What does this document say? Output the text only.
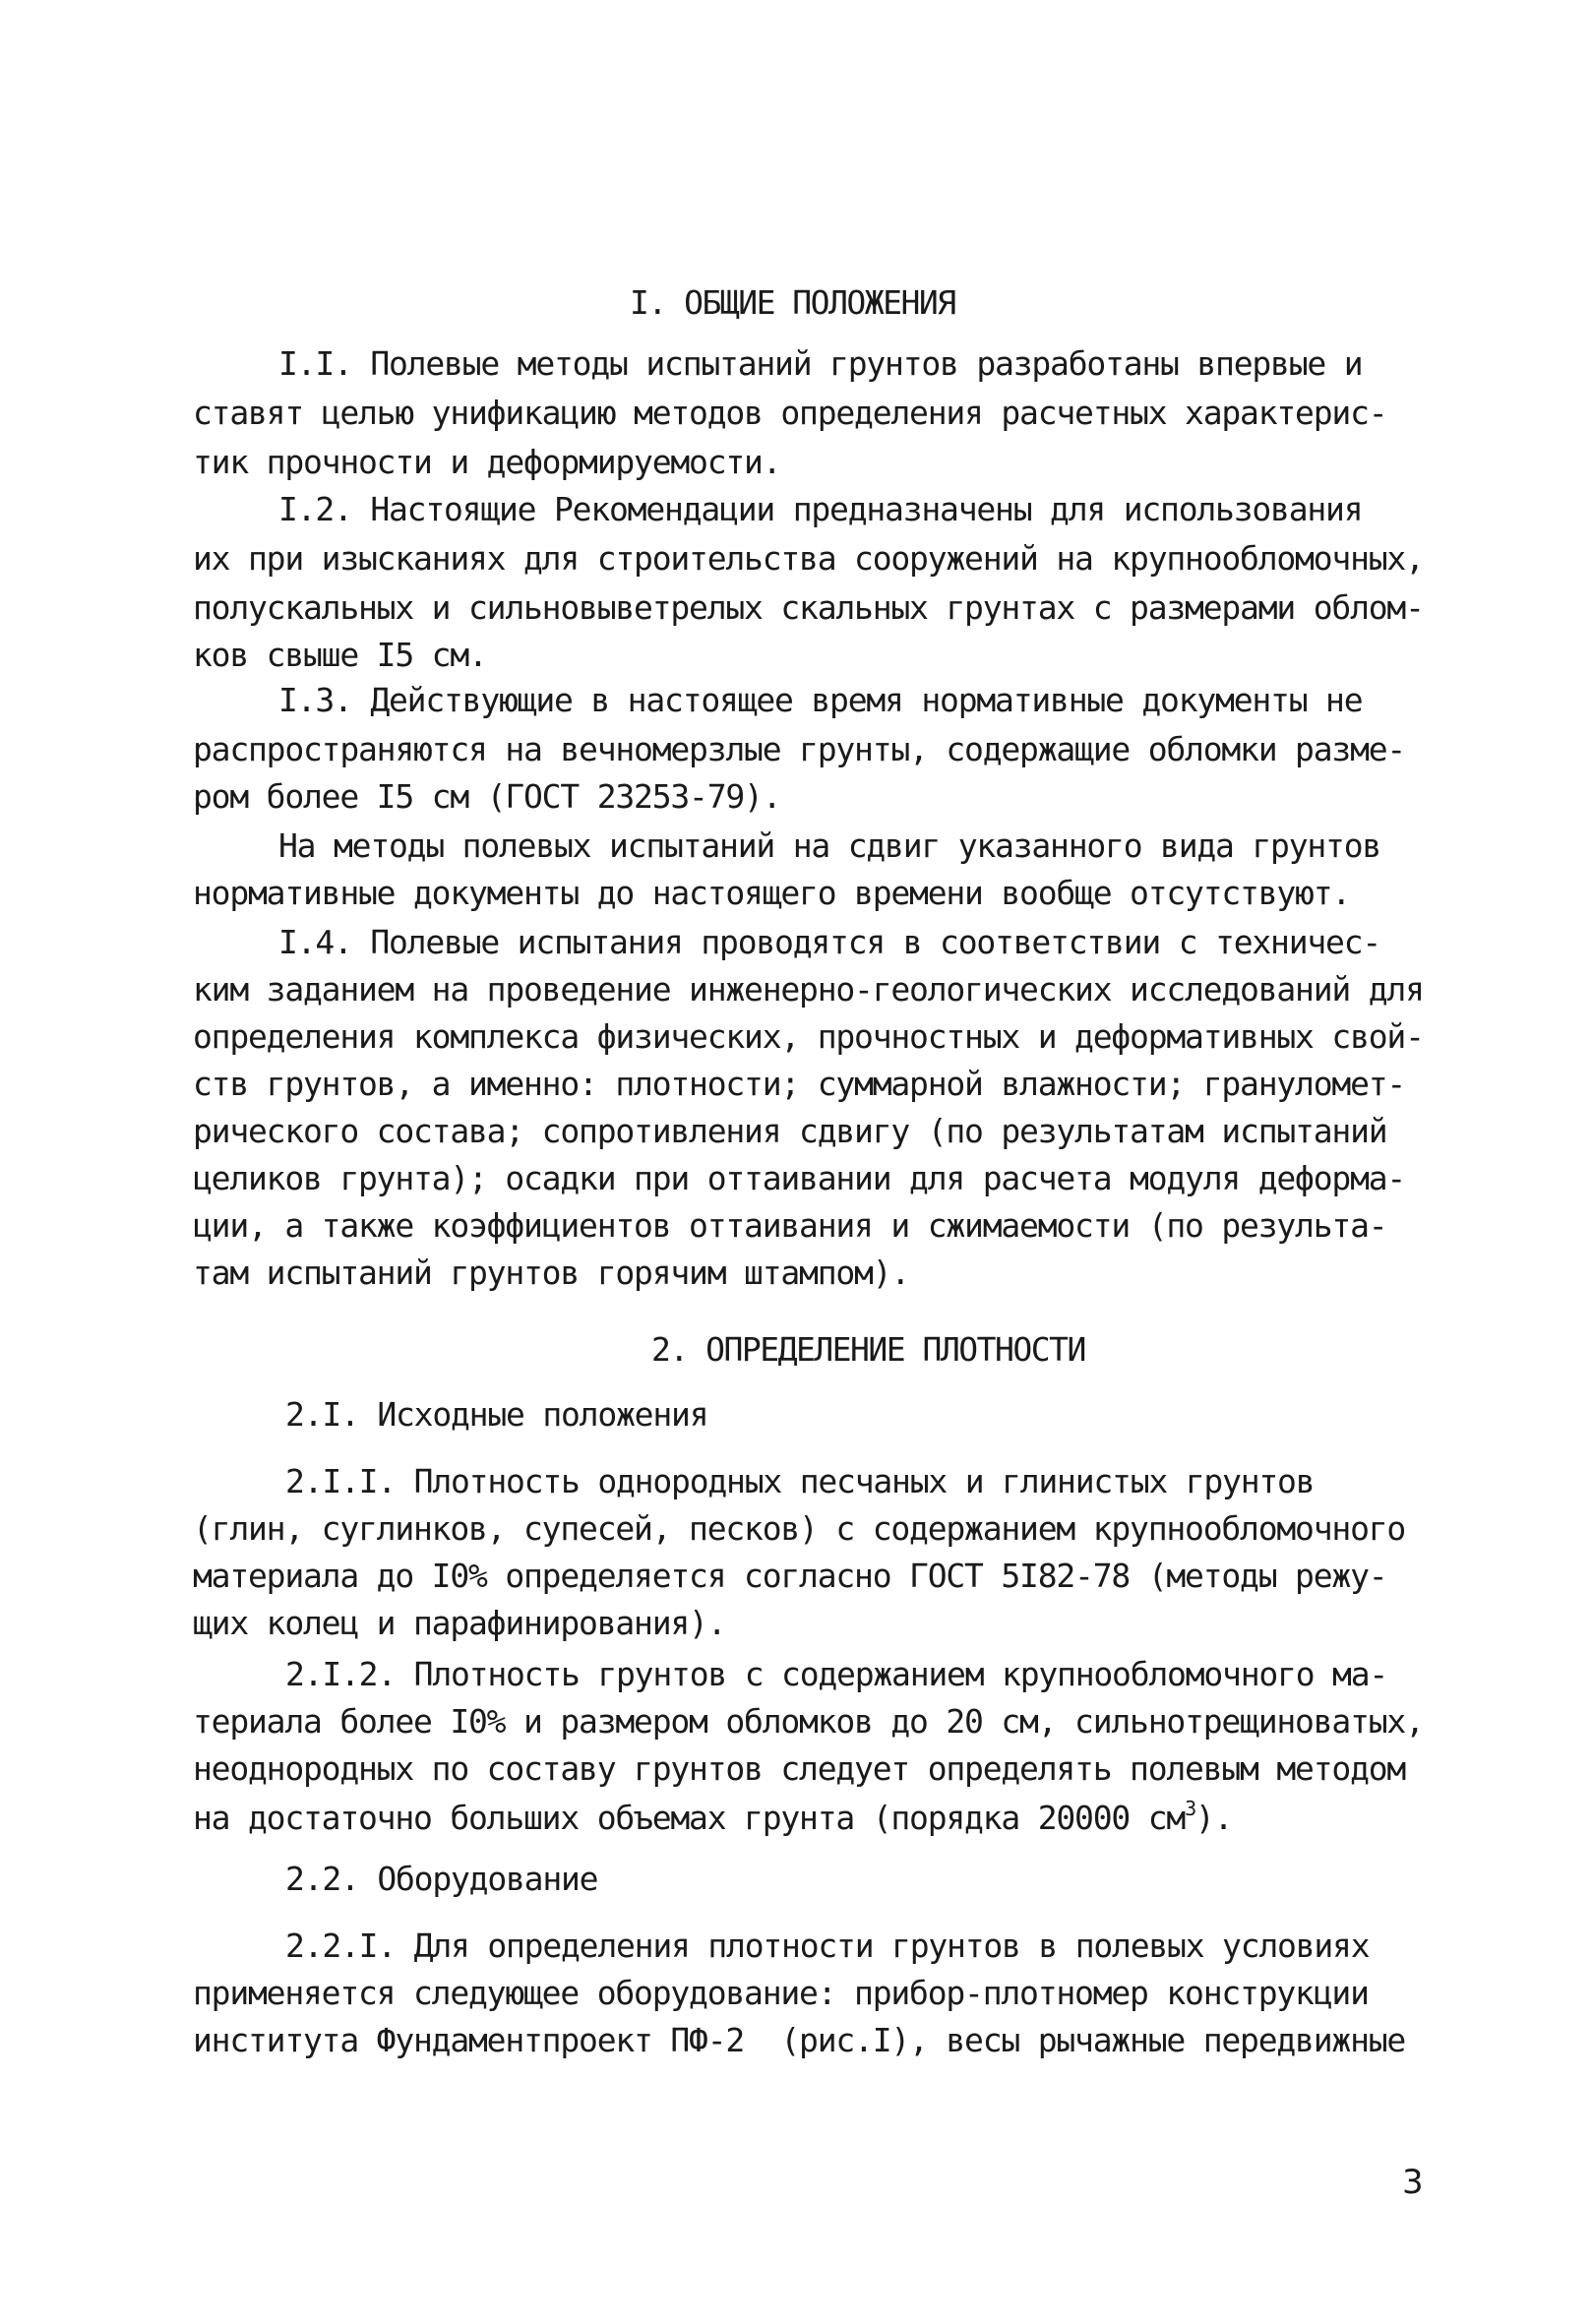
I. ОБЩИЕ ПОЛОЖЕНИЯ
I.I. Полевые методы испытаний грунтов разработаны впервые и
ставят целью унификацию методов определения расчетных характерис-
тик прочности и деформируемости.
I.2. Настоящие Рекомендации предназначены для использования
их при изысканиях для строительства сооружений на крупнообломочных,
полускальных и сильновыветрелых скальных грунтах с размерами облом-
ков свыше I5 см.
I.3. Действующие в настоящее время нормативные документы не
распространяются на вечномерзлые грунты, содержащие обломки разме-
ром более I5 см (ГОСТ 23253-79).
На методы полевых испытаний на сдвиг указанного вида грунтов
нормативные документы до настоящего времени вообще отсутствуют.
I.4. Полевые испытания проводятся в соответствии с техничес-
ким заданием на проведение инженерно-геологических исследований для
определения комплекса физических, прочностных и деформативных свой-
ств грунтов, а именно: плотности; суммарной влажности; грануломет-
рического состава; сопротивления сдвигу (по результатам испытаний
целиков грунта); осадки при оттаивании для расчета модуля деформа-
ции, а также коэффициентов оттаивания и сжимаемости (по результа-
там испытаний грунтов горячим штампом).
2. ОПРЕДЕЛЕНИЕ ПЛОТНОСТИ
2.I. Исходные положения
2.I.I. Плотность однородных песчаных и глинистых грунтов
(глин, суглинков, супесей, песков) с содержанием крупнообломочного
материала до I0% определяется согласно ГОСТ 5I82-78 (методы режу-
щих колец и парафинирования).
2.I.2. Плотность грунтов с содержанием крупнообломочного ма-
териала более I0% и размером обломков до 20 см, сильнотрещиноватых,
неоднородных по составу грунтов следует определять полевым методом
на достаточно больших объемах грунта (порядка 20000 $см^3$).
2.2. Оборудование
2.2.I. Для определения плотности грунтов в полевых условиях
применяется следующее оборудование: прибор-плотномер конструкции
института Фундаментпроект ПФ-2  (рис.I), весы рычажные передвижные
3
